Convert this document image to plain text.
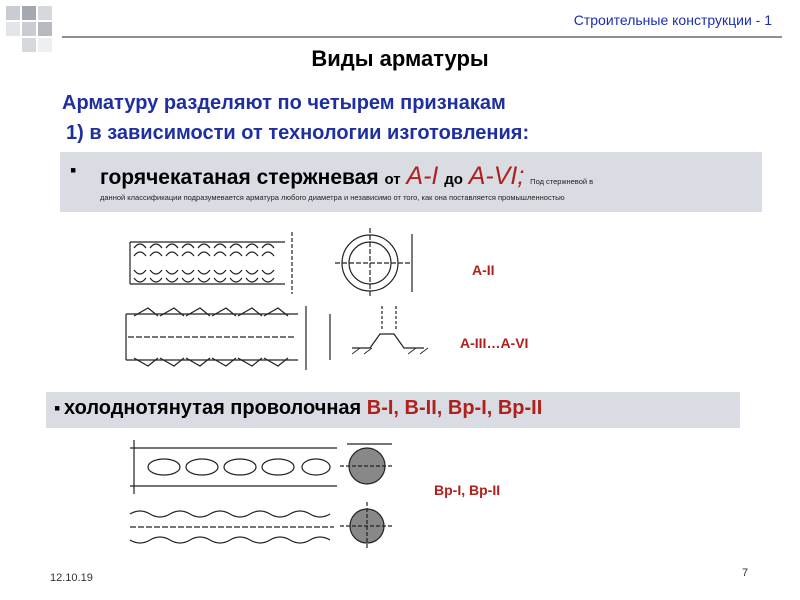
Строительные конструкции - 1
Виды арматуры
Арматуру разделяют по четырем признакам
1) в зависимости от технологии изготовления:
▪ горячекатаная стержневая от А-I до А-VI; Под стержневой в
данной классификации подразумевается арматура любого диаметра и независимо от того, как она поставляется промышленностью
А-II
А-III…А-VI
▪ холоднотянутая проволочная В-I, В-II, Вр-I, Вр-II
Вр-I, Вр-II
12.10.19	7
